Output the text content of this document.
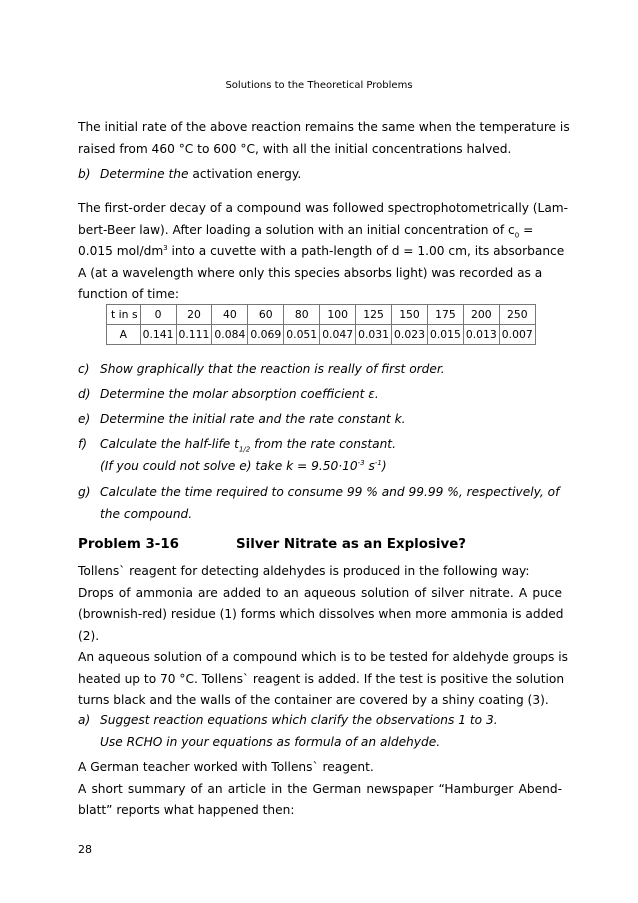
Solutions to the Theoretical Problems
The initial rate of the above reaction remains the same when the temperature is
raised from 460 °C to 600 °C, with all the initial concentrations halved.
b) Determine the activation energy.
The first-order decay of a compound was followed spectrophotometrically (Lam-
bert-Beer law). After loading a solution with an initial concentration of $c_0$ =
0.015 mol/$dm^3$ into a cuvette with a path-length of d = 1.00 cm, its absorbance
A (at a wavelength where only this species absorbs light) was recorded as a
function of time:
t in s	0	20	40	60	80	100	125	150	175	200	250
A	0.141	0.111	0.084	0.069	0.051	0.047	0.031	0.023	0.015	0.013	0.007
c) Show graphically that the reaction is really of first order.
d) Determine the molar absorption coefficient ε.
e) Determine the initial rate and the rate constant k.
f) Calculate the half-life $t_{1/2}$ from the rate constant.
(If you could not solve e) take $k = 9.50\cdot 10^{-3}$ $s^{-1}$)
g) Calculate the time required to consume 99 % and 99.99 %, respectively, of
the compound.
Problem 3-16	Silver Nitrate as an Explosive?
Tollens` reagent for detecting aldehydes is produced in the following way:
Drops of ammonia are added to an aqueous solution of silver nitrate. A puce
(brownish-red) residue (1) forms which dissolves when more ammonia is added
(2).
An aqueous solution of a compound which is to be tested for aldehyde groups is
heated up to 70 °C. Tollens` reagent is added. If the test is positive the solution
turns black and the walls of the container are covered by a shiny coating (3).
a) Suggest reaction equations which clarify the observations 1 to 3.
Use RCHO in your equations as formula of an aldehyde.
A German teacher worked with Tollens` reagent.
A short summary of an article in the German newspaper “Hamburger Abend-
blatt” reports what happened then:
28
